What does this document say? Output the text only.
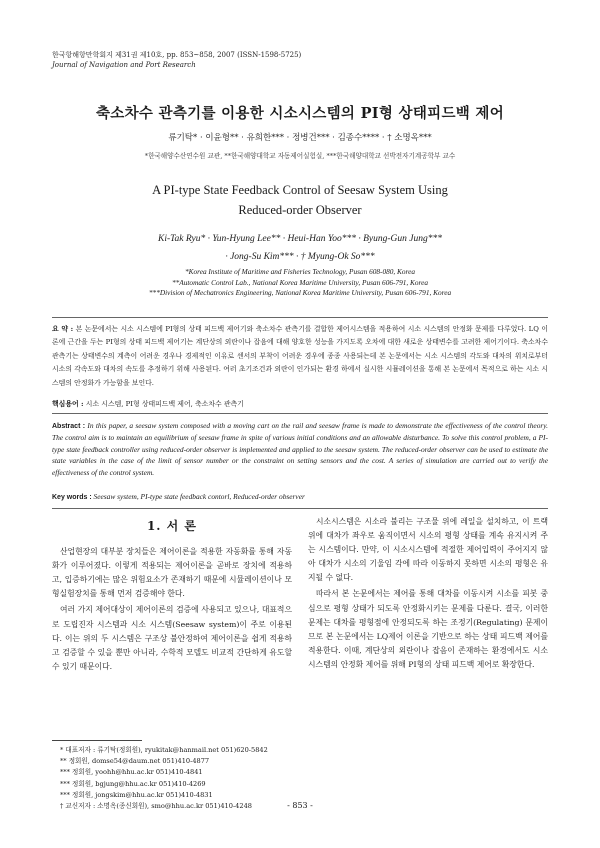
한국항해항만학회지 제31권 제10호, pp. 853~858, 2007 (ISSN-1598-5725)
Journal of Navigation and Port Research
축소차수 관측기를 이용한 시소시스템의 PI형 상태피드백 제어
류기탁* · 이윤형** · 유희한*** · 정병건*** · 김종수**** · † 소명옥***
*한국해양수산연수원 교관, **한국해양대학교 자동제어실험실, ***한국해양대학교 선박전자기계공학부 교수
A PI-type State Feedback Control of Seesaw System Using
Reduced-order Observer
Ki-Tak Ryu* · Yun-Hyung Lee** · Heui-Han Yoo*** · Byung-Gun Jung***
· Jong-Su Kim*** · † Myung-Ok So***
*Korea Institute of Maritime and Fisheries Technology, Pusan 608-080, Korea
**Automatic Control Lab., National Korea Maritime University, Pusan 606-791, Korea
***Division of Mechatronics Engineering, National Korea Maritime University, Pusan 606-791, Korea
요 약 : 본 논문에서는 시소 시스템에 PI형의 상태 피드백 제어기와 축소차수 관측기를 결합한 제어시스템을 적용하여 시소 시스템의 안정화 문제를 다루었다. LQ 이론에 근간을 두는 PI형의 상태 피드백 제어기는 계단상의 외란이나 잡음에 대해 양호한 성능을 가지도록 오차에 대한 새로운 상태변수를 고려한 제어기이다. 축소차수 관측기는 상태변수의 계측이 어려운 경우나 경제적인 이유로 센서의 부착이 어려운 경우에 종종 사용되는데 본 논문에서는 시소 시스템의 각도와 대차의 위치로부터 시소의 각속도와 대차의 속도를 추정하기 위해 사용된다. 여러 초기조건과 외란이 인가되는 환경 하에서 실시한 시뮬레이션을 통해 본 논문에서 목적으로 하는 시소 시스템의 안정화가 가능함을 보인다.
핵심용어 : 시소 시스템, PI형 상태피드백 제어, 축소차수 관측기
Abstract : In this paper, a seesaw system composed with a moving cart on the rail and seesaw frame is made to demonstrate the effectiveness of the control theory. The control aim is to maintain an equilibrium of seesaw frame in spite of various initial conditions and an allowable disturbance. To solve this control problem, a PI-type state feedback controller using reduced-order observer is implemented and applied to the seesaw system. The reduced-order observer can be used to estimate the state variables in the case of the limit of sensor number or the constraint on setting sensors and the cost. A series of simulation are carried out to verify the effectiveness of the control system.
Key words : Seesaw system, PI-type state feedback contorl, Reduced-order observer
1. 서 론

산업현장의 대부분 장치들은 제어이론을 적용한 자동화를 통해 자동화가 이루어졌다. 이렇게 적용되는 제어이론을 곧바로 장치에 적용하고, 입증하기에는 많은 위험요소가 존재하기 때문에 시뮬레이션이나 모형실험장치를 통해 먼저 검증해야 한다.

여러 가지 제어대상이 제어이론의 검증에 사용되고 있으나, 대표적으로 도립진자 시스템과 시소 시스템(Seesaw system)이 주로 이용된다. 이는 위의 두 시스템은 구조상 불안정하여 제어이론을 쉽게 적용하고 검증할 수 있을 뿐만 아니라, 수학적 모델도 비교적 간단하게 유도할 수 있기 때문이다.

시소시스템은 시소라 불리는 구조물 위에 레일을 설치하고, 이 트랙위에 대차가 좌우로 움직이면서 시소의 평형 상태를 계속 유지시켜 주는 시스템이다. 만약, 이 시소시스템에 적절한 제어입력이 주어지지 않아 대차가 시소의 기울임 각에 따라 이동하지 못하면 시소의 평형은 유지될 수 없다.

따라서 본 논문에서는 제어를 통해 대차를 이동시켜 시소를 피봇 중심으로 평형 상태가 되도록 안정화시키는 문제를 다룬다. 결국, 이러한 문제는 대차를 평형점에 안정되도록 하는 조정기(Regulating) 문제이므로 본 논문에서는 LQ제어 이론을 기반으로 하는 상태 피드백 제어를 적용한다. 이때, 계단상의 외란이나 잡음이 존재하는 환경에서도 시소시스템의 안정화 제어를 위해 PI형의 상태 피드백 제어로 확장한다.

* 대표저자 : 류기탁(정회원), ryukitak@hanmail.net 051)620-5842
** 정회원, domse54@daum.net 051)410-4877
*** 정회원, yoohh@hhu.ac.kr 051)410-4841
*** 정회원, bgjung@hhu.ac.kr 051)410-4269
*** 정회원, jongskim@hhu.ac.kr 051)410-4831
† 교신저자 : 소명옥(종신회원), smo@hhu.ac.kr 051)410-4248	- 853 -
